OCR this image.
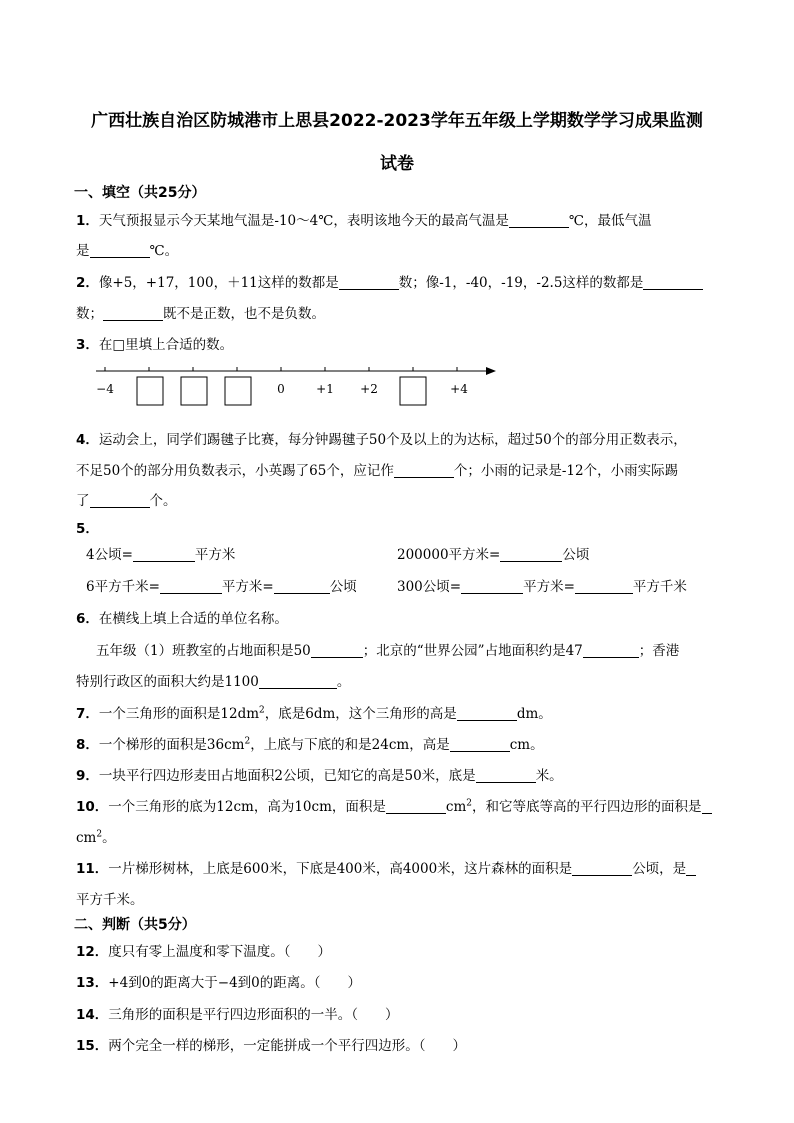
广西壮族自治区防城港市上思县2022-2023学年五年级上学期数学学习成果监测
试卷
一、填空（共25分）
1．天气预报显示今天某地气温是-10～4℃，表明该地今天的最高气温是	℃，最低气温
是	℃。
2．像+5，+17，100，＋11这样的数都是	数；像-1，-40，-19，-2.5这样的数都是
数；	既不是正数，也不是负数。
3．在□里填上合适的数。
−4	0	+1 +2	+4
4．运动会上，同学们踢毽子比赛，每分钟踢毽子50个及以上的为达标，超过50个的部分用正数表示，
不足50个的部分用负数表示，小英踢了65个，应记作	个；小雨的记录是-12个，小雨实际踢
了	个。
5．
4公顷=	平方米	200000平方米=	公顷
6平方千米=	平方米=	公顷	300公顷=	平方米=	平方千米
6．在横线上填上合适的单位名称。
五年级（1）班教室的占地面积是50	；北京的“世界公园”占地面积约是47	；香港
特别行政区的面积大约是1100	。
7．一个三角形的面积是$12dm^2$，底是6dm，这个三角形的高是	dm。
8．一个梯形的面积是$36cm^2$，上底与下底的和是24cm，高是	cm。
9．一块平行四边形麦田占地面积2公顷，已知它的高是50米，底是	米。
10．一个三角形的底为12cm，高为10cm，面积是	$cm^2$，和它等底等高的平行四边形的面积是
$cm^2$。
11．一片梯形树林，上底是600米，下底是400米，高4000米，这片森林的面积是	公顷，是
平方千米。
二、判断（共5分）
12．度只有零上温度和零下温度。（　　）
13．+4到0的距离大于−4到0的距离。（　　）
14．三角形的面积是平行四边形面积的一半。（　　）
15．两个完全一样的梯形，一定能拼成一个平行四边形。（　　）
